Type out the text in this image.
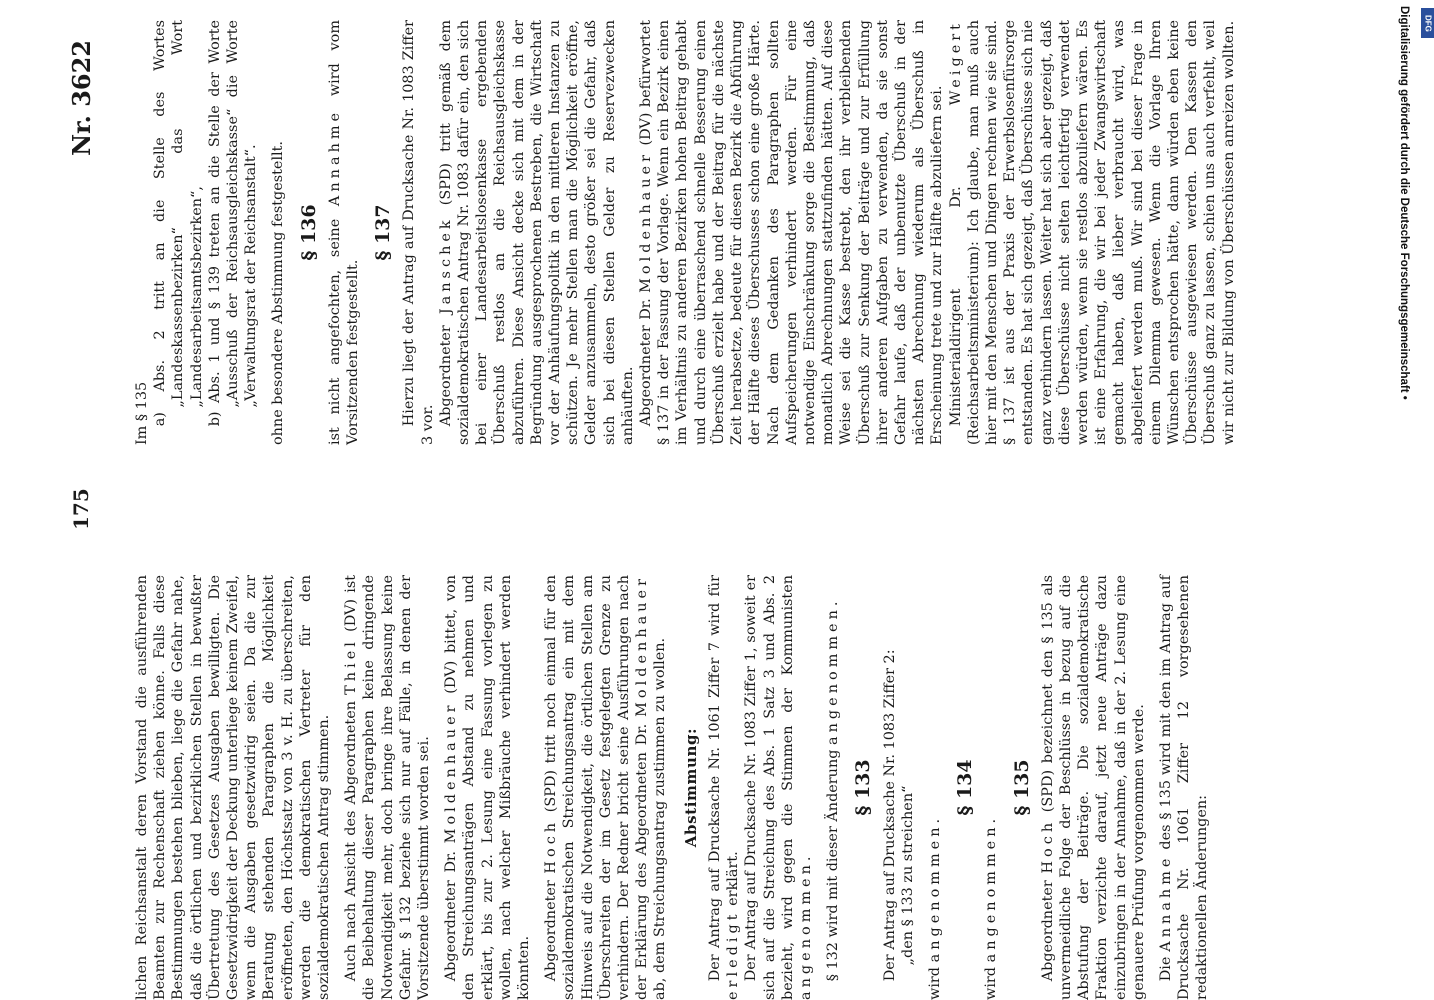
DFG
Digitalisierung gefördert durch die Deutsche Forschungsgemeinschaft •
175
Nr. 3622

lichen Reichsanstalt deren Vorstand die ausführenden Beamten zur Rechenschaft ziehen könne. Falls diese Bestimmungen bestehen blieben, liege die Gefahr nahe, daß die örtlichen und bezirklichen Stellen in bewußter Übertretung des Gesetzes Ausgaben bewilligten. Die Gesetzwidrigkeit der Deckung unterliege keinem Zweifel, wenn die Ausgaben gesetzwidrig seien. Da die zur Beratung stehenden Paragraphen die Möglichkeit eröffneten, den Höchstsatz von 3 v. H. zu überschreiten, werden die demokratischen Vertreter für den sozialdemokratischen Antrag stimmen. Auch nach Ansicht des Abgeordneten Thiel (DV) ist die Beibehaltung dieser Paragraphen keine dringende Notwendigkeit mehr, doch bringe ihre Belassung keine Gefahr. § 132 beziehe sich nur auf Fälle, in denen der Vorsitzende überstimmt worden sei. Abgeordneter Dr. Moldenhauer (DV) bittet, von den Streichungsanträgen Abstand zu nehmen und erklärt, bis zur 2. Lesung eine Fassung vorlegen zu wollen, nach welcher Mißbräuche verhindert werden könnten. Abgeordneter Hoch (SPD) tritt noch einmal für den sozialdemokratischen Streichungsantrag ein mit dem Hinweis auf die Notwendigkeit, die örtlichen Stellen am Überschreiten der im Gesetz festgelegten Grenze zu verhindern. Der Redner bricht seine Ausführungen nach der Erklärung des Abgeordneten Dr. Moldenhauer ab, dem Streichungsantrag zustimmen zu wollen. Abstimmung: Der Antrag auf Drucksache Nr. 1061 Ziffer 7 wird für erledigt erklärt. Der Antrag auf Drucksache Nr. 1083 Ziffer 1, soweit er sich auf die Streichung des Abs. 1 Satz 3 und Abs. 2 bezieht, wird gegen die Stimmen der Kommunisten angenommen. § 132 wird mit dieser Änderung angenommen.

§ 133 Der Antrag auf Drucksache Nr. 1083 Ziffer 2: „den § 133 zu streichen“

wird angenommen.

§ 134

wird angenommen.

§ 135

Abgeordneter Hoch (SPD) bezeichnet den § 135 als unvermeidliche Folge der Beschlüsse in bezug auf die Abstufung der Beiträge. Die sozialdemokratische Fraktion verzichte darauf, jetzt neue Anträge dazu einzubringen in der Annahme, daß in der 2. Lesung eine genauere Prüfung vorgenommen werde. Die Annahme des § 135 wird mit den im Antrag auf Drucksache Nr. 1061 Ziffer 12 vorgesehenen redaktionellen Änderungen:

Im § 135 a) Abs. 2 tritt an die Stelle des Wortes „Landeskassenbezirken“ das Wort „Landesarbeitsamtsbezirken“, b) Abs. 1 und § 139 treten an die Stelle der Worte „Ausschuß der Reichsausgleichskasse“ die Worte „Verwaltungsrat der Reichsanstalt“. ohne besondere Abstimmung festgestellt. § 136 ist nicht angefochten, seine Annahme wird vom Vorsitzenden festgestellt.

§ 137 Hierzu liegt der Antrag auf Drucksache Nr. 1083 Ziffer 3 vor. Abgeordneter Janschek (SPD) tritt gemäß dem sozialdemokratischen Antrag Nr. 1083 dafür ein, den sich bei einer Landesarbeitslosenkasse ergebenden Überschuß restlos an die Reichsausgleichskasse abzuführen. Diese Ansicht decke sich mit dem in der Begründung ausgesprochenen Bestreben, die Wirtschaft vor der Anhäufungspolitik in den mittleren Instanzen zu schützen. Je mehr Stellen man die Möglichkeit eröffne, Gelder anzusammeln, desto größer sei die Gefahr, daß sich bei diesen Stellen Gelder zu Reservezwecken anhäuften. Abgeordneter Dr. Moldenhauer (DV) befürwortet § 137 in der Fassung der Vorlage. Wenn ein Bezirk einen im Verhältnis zu anderen Bezirken hohen Beitrag gehabt und durch eine überraschend schnelle Besserung einen Überschuß erzielt habe und der Beitrag für die nächste Zeit herabsetze, bedeute für diesen Bezirk die Abführung der Hälfte dieses Überschusses schon eine große Härte. Nach dem Gedanken des Paragraphen sollten Aufspeicherungen verhindert werden. Für eine notwendige Einschränkung sorge die Bestimmung, daß monatlich Abrechnungen stattzufinden hätten. Auf diese Weise sei die Kasse bestrebt, den ihr verbleibenden Überschuß zur Senkung der Beiträge und zur Erfüllung ihrer anderen Aufgaben zu verwenden, da sie sonst Gefahr laufe, daß der unbenutzte Überschuß in der nächsten Abrechnung wiederum als Überschuß in Erscheinung trete und zur Hälfte abzuliefern sei. Ministerialdirigent Dr. Weigert (Reichsarbeitsministerium): Ich glaube, man muß auch hier mit den Menschen und Dingen rechnen wie sie sind. § 137 ist aus der Praxis der Erwerbslosenfürsorge entstanden. Es hat sich gezeigt, daß Überschüsse sich nie ganz verhindern lassen. Weiter hat sich aber gezeigt, daß diese Überschüsse nicht selten leichtfertig verwendet werden würden, wenn sie restlos abzuliefern wären. Es ist eine Erfahrung, die wir bei jeder Zwangswirtschaft gemacht haben, daß lieber verbraucht wird, was abgeliefert werden muß. Wir sind bei dieser Frage in einem Dilemma gewesen. Wenn die Vorlage Ihren Wünschen entsprochen hätte, dann würden eben keine Überschüsse ausgewiesen werden. Den Kassen den Überschuß ganz zu lassen, schien uns auch verfehlt, weil wir nicht zur Bildung von Überschüssen anreizen wollten.
